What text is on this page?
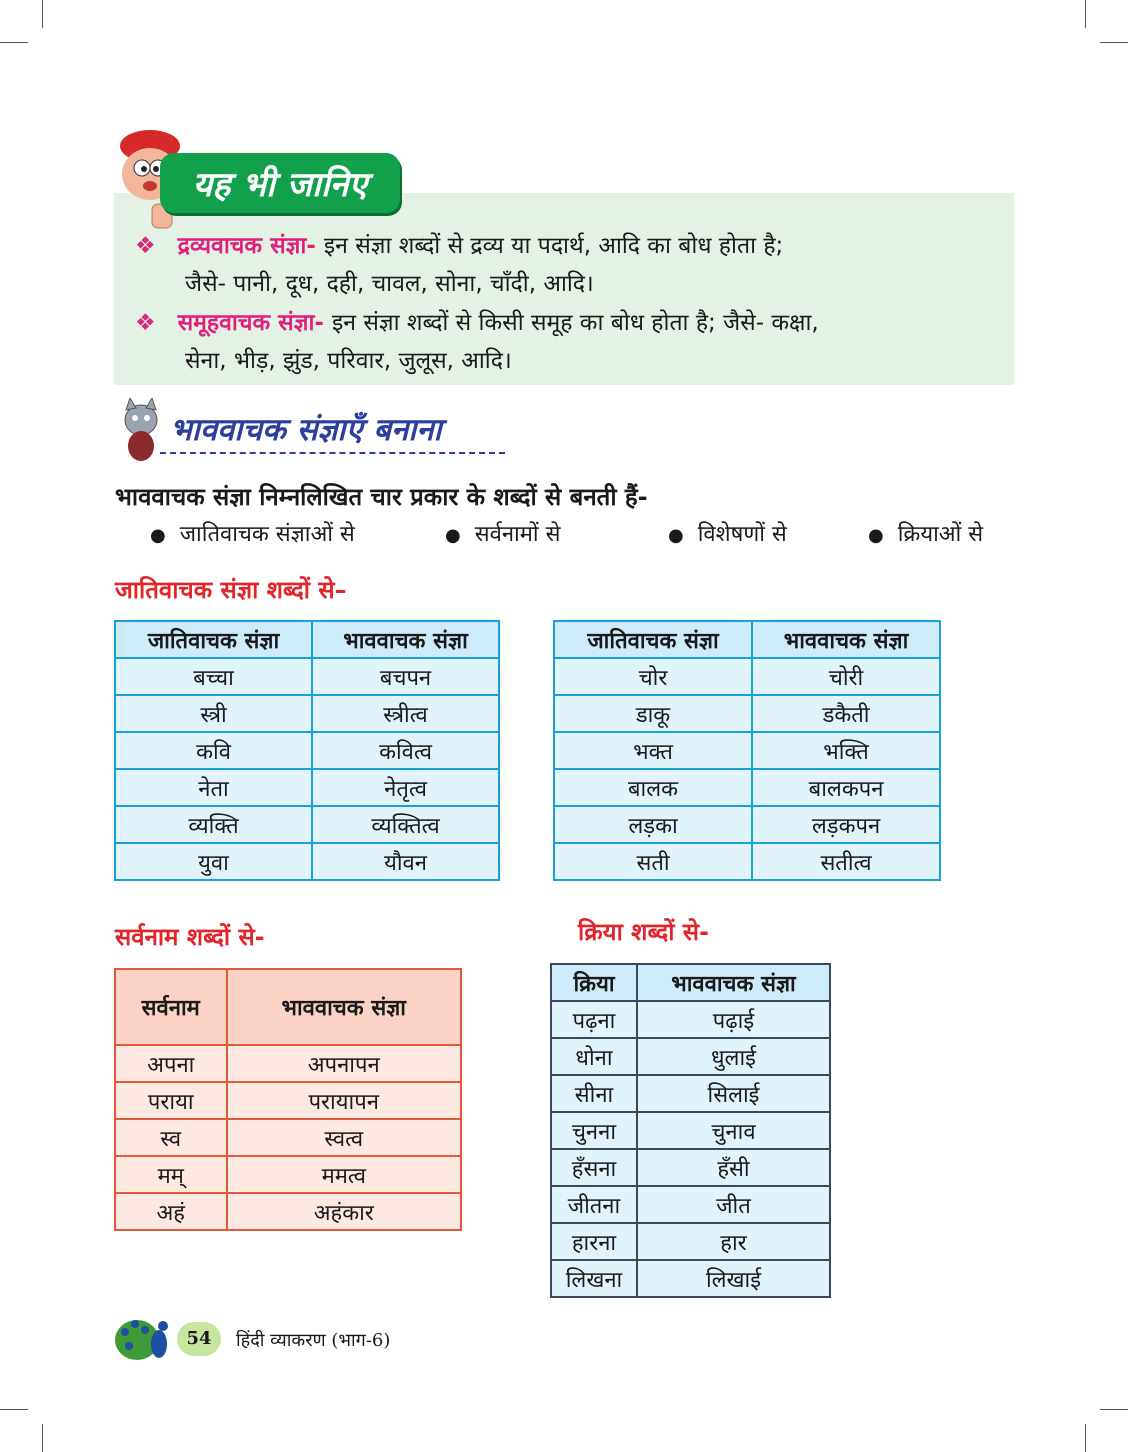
यह भी जानिए
❖ द्रव्यवाचक संज्ञा- इन संज्ञा शब्दों से द्रव्य या पदार्थ, आदि का बोध होता है;
जैसे- पानी, दूध, दही, चावल, सोना, चाँदी, आदि।
❖ समूहवाचक संज्ञा- इन संज्ञा शब्दों से किसी समूह का बोध होता है; जैसे- कक्षा,
सेना, भीड़, झुंड, परिवार, जुलूस, आदि।
भाववाचक संज्ञाएँ बनाना
भाववाचक संज्ञा निम्नलिखित चार प्रकार के शब्दों से बनती हैं-
● जातिवाचक संज्ञाओं से	● सर्वनामों से	● विशेषणों से	● क्रियाओं से
जातिवाचक संज्ञा शब्दों से–
जातिवाचक संज्ञा	भाववाचक संज्ञा
बच्चा	बचपन
स्त्री	स्त्रीत्व
कवि	कवित्व
नेता	नेतृत्व
व्यक्ति	व्यक्तित्व
युवा	यौवन
जातिवाचक संज्ञा	भाववाचक संज्ञा
चोर	चोरी
डाकू	डकैती
भक्त	भक्ति
बालक	बालकपन
लड़का	लड़कपन
सती	सतीत्व
सर्वनाम शब्दों से-
सर्वनाम	भाववाचक संज्ञा
अपना	अपनापन
पराया	परायापन
स्व	स्वत्व
मम्	ममत्व
अहं	अहंकार
क्रिया शब्दों से-
क्रिया	भाववाचक संज्ञा
पढ़ना	पढ़ाई
धोना	धुलाई
सीना	सिलाई
चुनना	चुनाव
हँसना	हँसी
जीतना	जीत
हारना	हार
लिखना	लिखाई
54	हिंदी व्याकरण (भाग-6)
